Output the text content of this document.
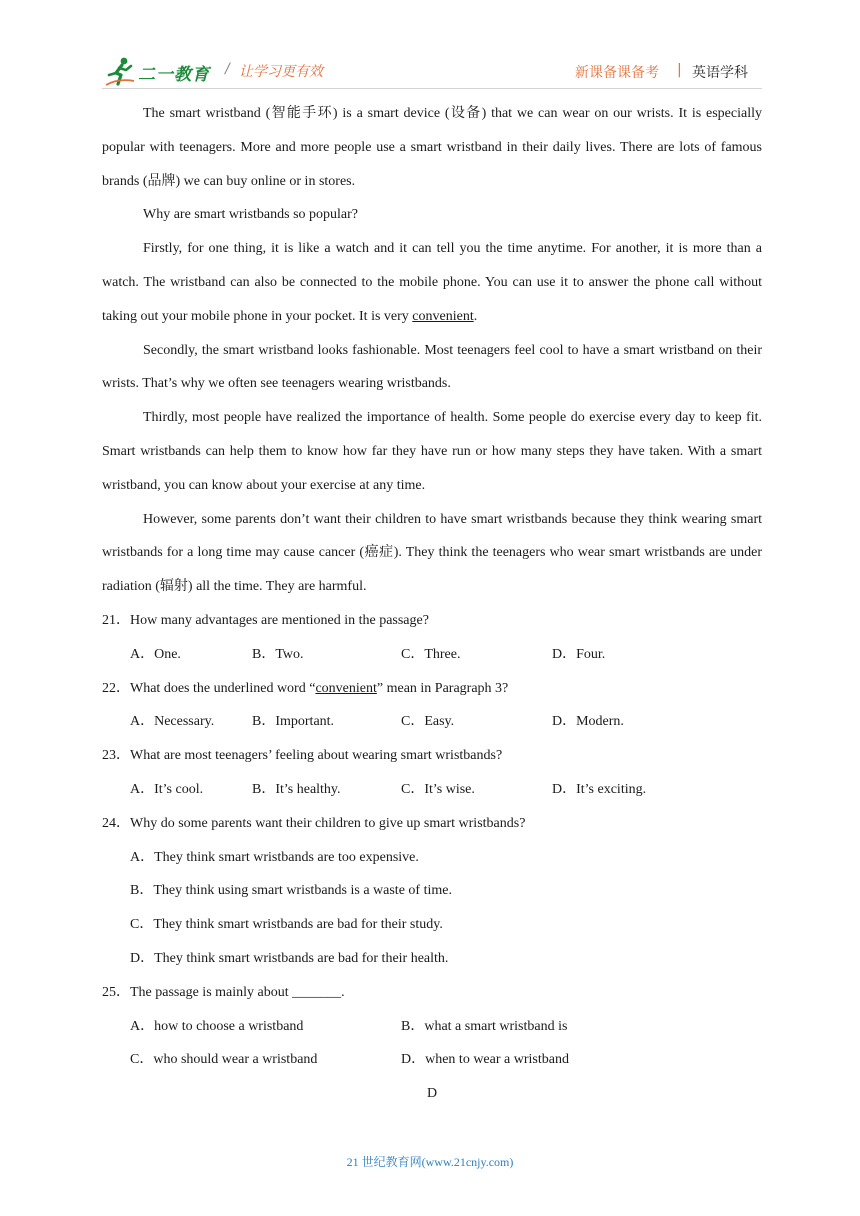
二一教育 / 让学习更有效	新课备课备考 | 英语学科

The smart wristband (智能手环) is a smart device (设备) that we can wear on our wrists. It is especially popular with teenagers. More and more people use a smart wristband in their daily lives. There are lots of famous brands (品牌) we can buy online or in stores.

Why are smart wristbands so popular?

Firstly, for one thing, it is like a watch and it can tell you the time anytime. For another, it is more than a watch. The wristband can also be connected to the mobile phone. You can use it to answer the phone call without taking out your mobile phone in your pocket. It is very convenient.

Secondly, the smart wristband looks fashionable. Most teenagers feel cool to have a smart wristband on their wrists. That’s why we often see teenagers wearing wristbands.

Thirdly, most people have realized the importance of health. Some people do exercise every day to keep fit. Smart wristbands can help them to know how far they have run or how many steps they have taken. With a smart wristband, you can know about your exercise at any time.

However, some parents don’t want their children to have smart wristbands because they think wearing smart wristbands for a long time may cause cancer (癌症). They think the teenagers who wear smart wristbands are under radiation (辐射) all the time. They are harmful.

21．How many advantages are mentioned in the passage?

A．One.	B．Two.	C．Three.	D．Four.

22．What does the underlined word “convenient” mean in Paragraph 3?

A．Necessary.	B．Important.	C．Easy.	D．Modern.

23．What are most teenagers’ feeling about wearing smart wristbands?

A．It’s cool.	B．It’s healthy.	C．It’s wise.	D．It’s exciting.

24．Why do some parents want their children to give up smart wristbands?

A．They think smart wristbands are too expensive.
B．They think using smart wristbands is a waste of time.
C．They think smart wristbands are bad for their study.
D．They think smart wristbands are bad for their health.

25．The passage is mainly about _______.

A．how to choose a wristband	B．what a smart wristband is
C．who should wear a wristband	D．when to wear a wristband

D

21 世纪教育网(www.21cnjy.com)
